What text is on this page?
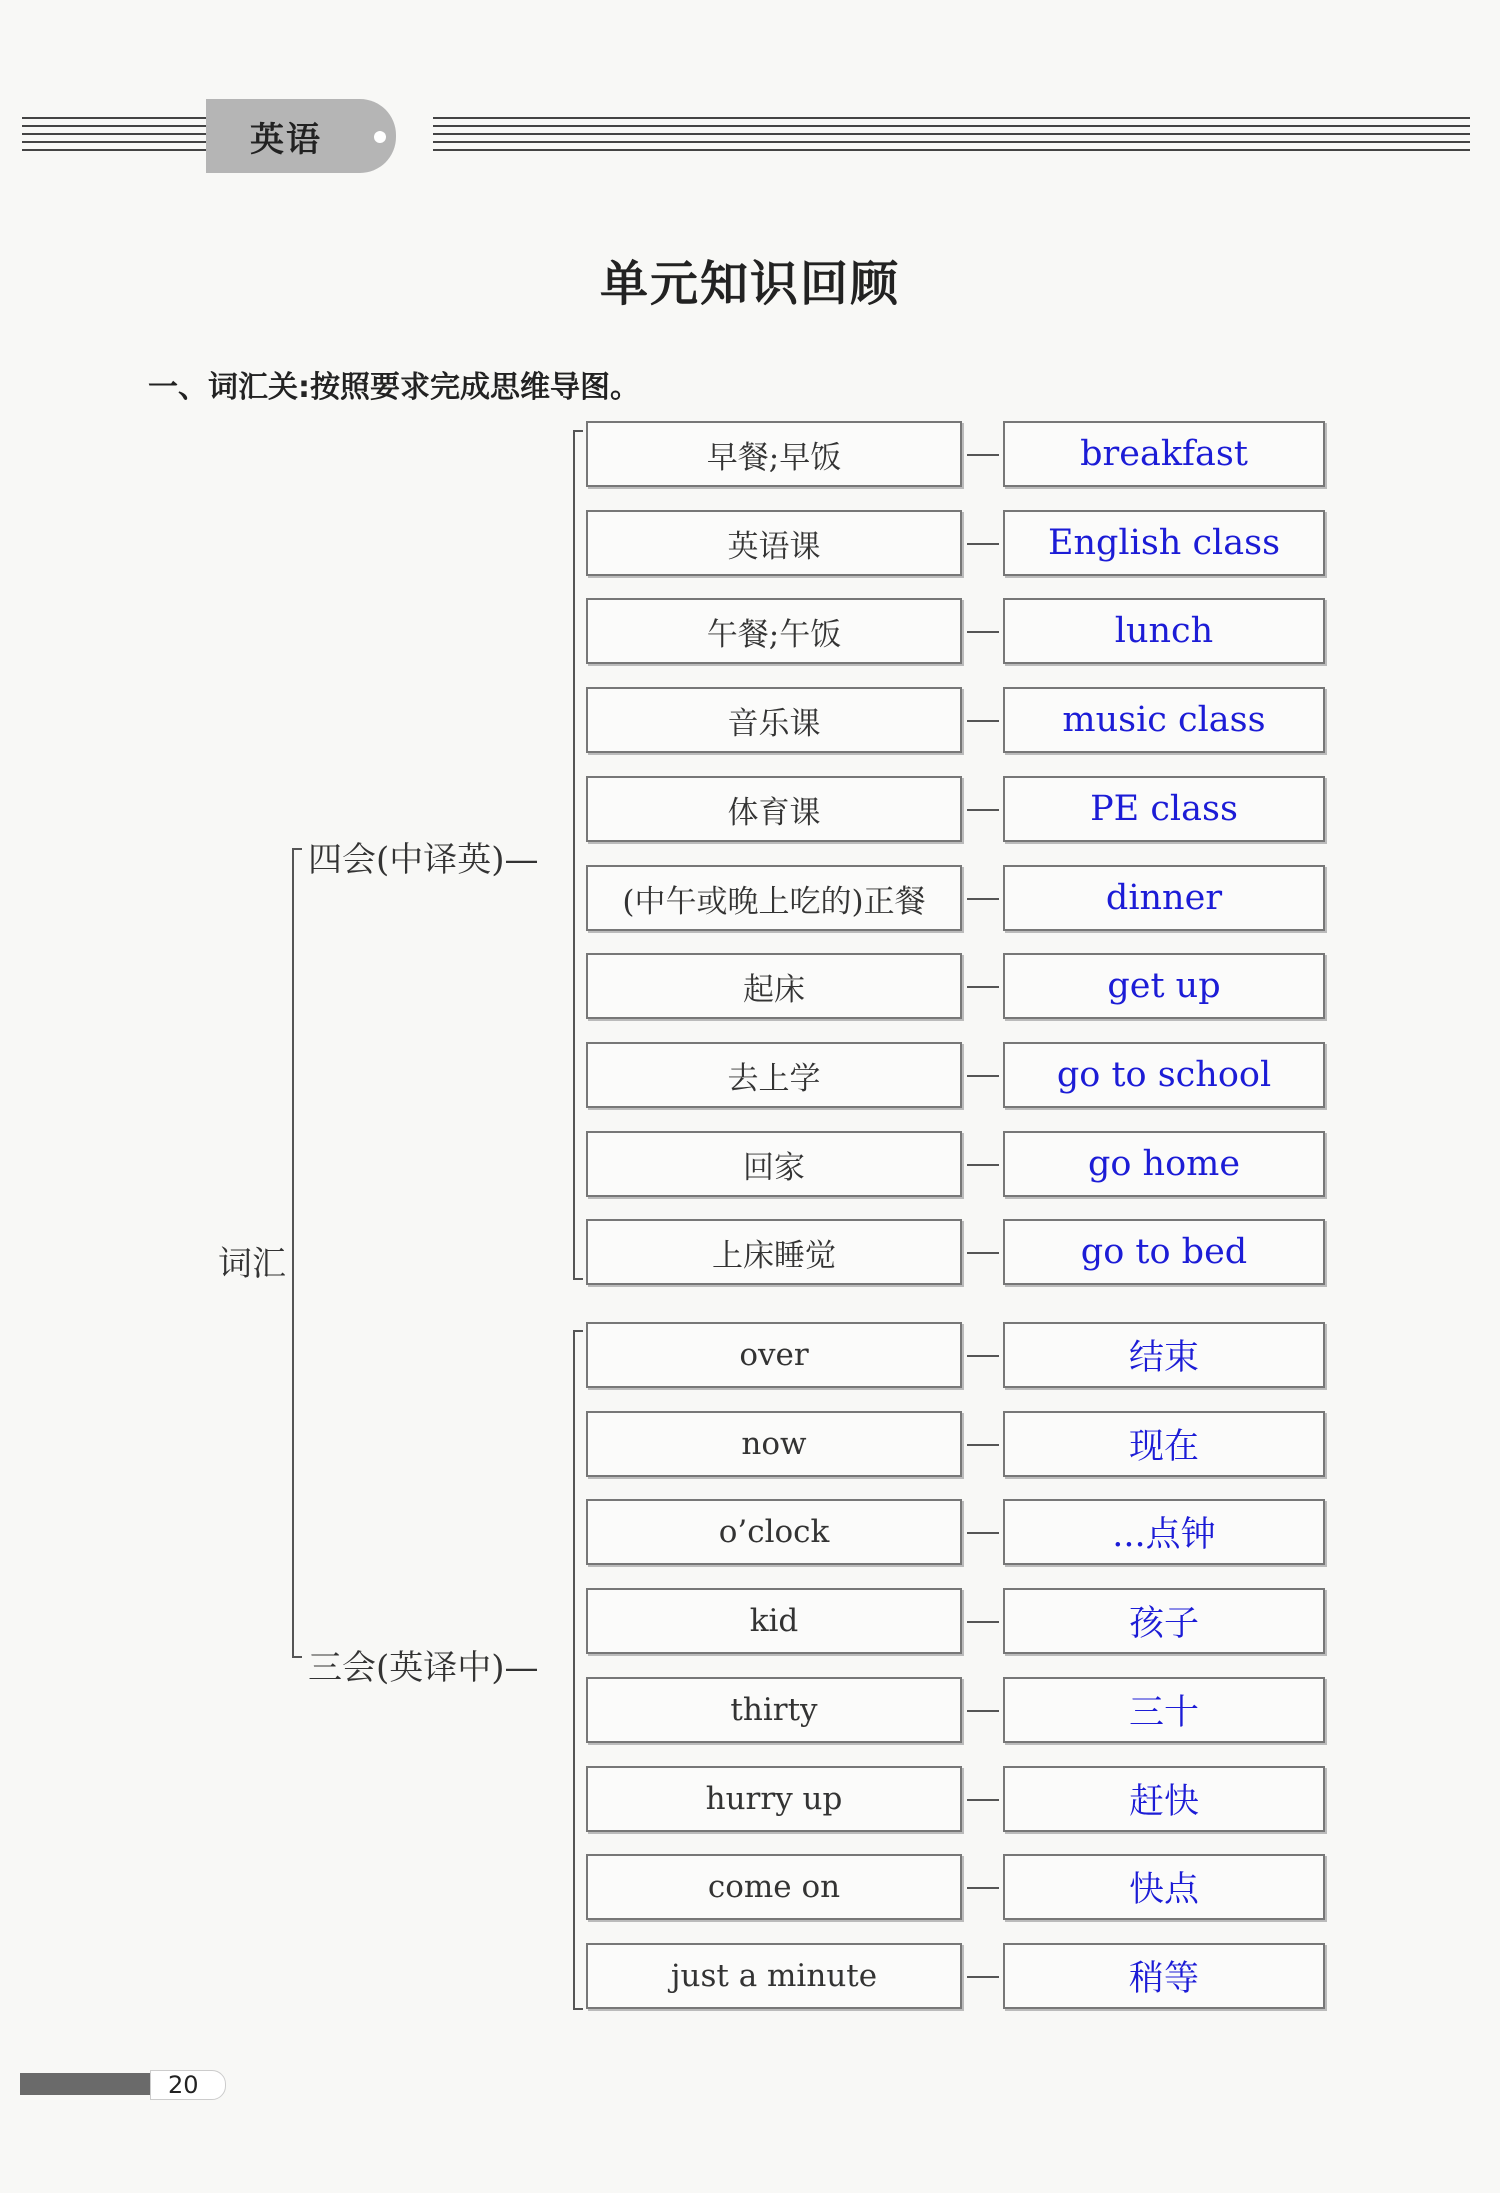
英语
单元知识回顾
一、词汇关:按照要求完成思维导图。
词汇
四会(中译英)—
三会(英译中)—
早餐;早饭	breakfast
英语课	English class
午餐;午饭	lunch
音乐课	music class
体育课	PE class
(中午或晚上吃的)正餐	dinner
起床	get up
去上学	go to school
回家	go home
上床睡觉	go to bed
over	结束
now	现在
o’clock	...点钟
kid	孩子
thirty	三十
hurry up	赶快
come on	快点
just a minute	稍等
20
